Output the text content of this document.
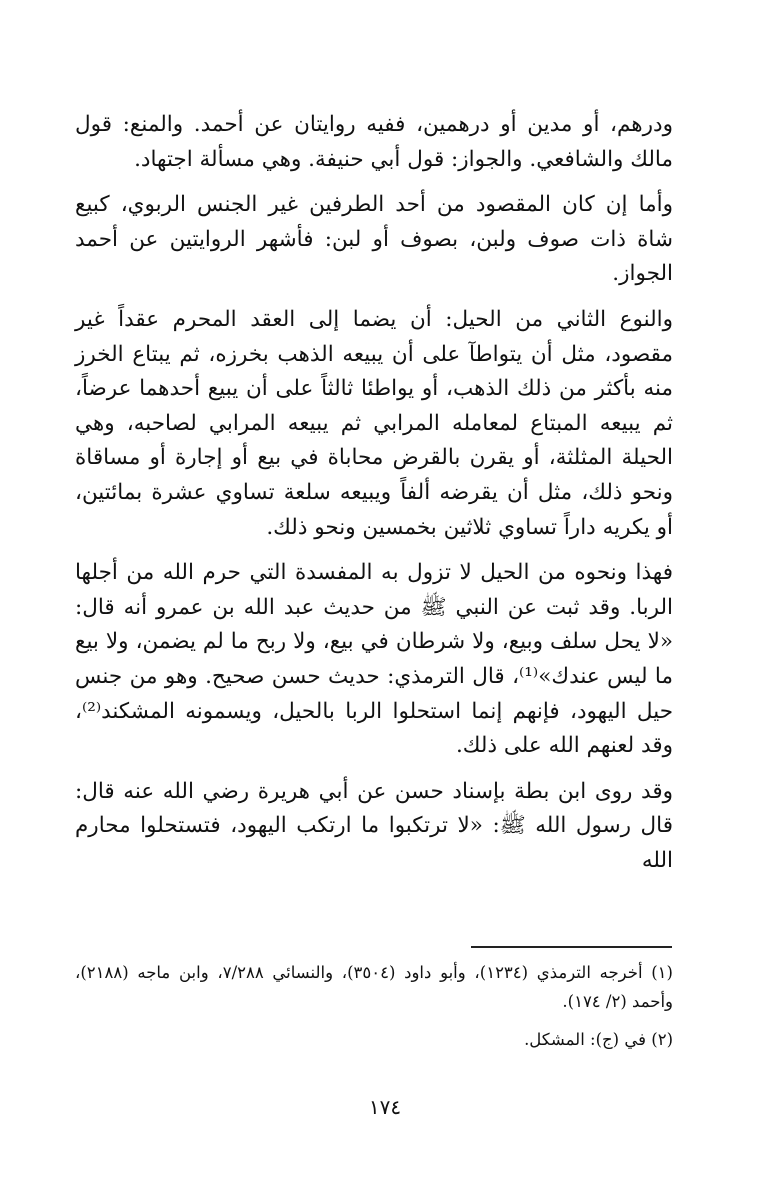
ودرهم، أو مدين أو درهمين، ففيه روايتان عن أحمد. والمنع: قول مالك والشافعي. والجواز: قول أبي حنيفة. وهي مسألة اجتهاد.

وأما إن كان المقصود من أحد الطرفين غير الجنس الربوي، كبيع شاة ذات صوف ولبن، بصوف أو لبن: فأشهر الروايتين عن أحمد الجواز.

والنوع الثاني من الحيل: أن يضما إلى العقد المحرم عقداً غير مقصود، مثل أن يتواطآ على أن يبيعه الذهب بخرزه، ثم يبتاع الخرز منه بأكثر من ذلك الذهب، أو يواطئا ثالثاً على أن يبيع أحدهما عرضاً، ثم يبيعه المبتاع لمعامله المرابي ثم يبيعه المرابي لصاحبه، وهي الحيلة المثلثة، أو يقرن بالقرض محاباة في بيع أو إجارة أو مساقاة ونحو ذلك، مثل أن يقرضه ألفاً ويبيعه سلعة تساوي عشرة بمائتين، أو يكريه داراً تساوي ثلاثين بخمسين ونحو ذلك.

فهذا ونحوه من الحيل لا تزول به المفسدة التي حرم الله من أجلها الربا. وقد ثبت عن النبي ﷺ من حديث عبد الله بن عمرو أنه قال: «لا يحل سلف وبيع، ولا شرطان في بيع، ولا ربح ما لم يضمن، ولا بيع ما ليس عندك»⁽¹⁾، قال الترمذي: حديث حسن صحيح. وهو من جنس حيل اليهود، فإنهم إنما استحلوا الربا بالحيل، ويسمونه المشكند⁽²⁾، وقد لعنهم الله على ذلك.

وقد روى ابن بطة بإسناد حسن عن أبي هريرة رضي الله عنه قال: قال رسول الله ﷺ: «لا ترتكبوا ما ارتكب اليهود، فتستحلوا محارم الله

(١) أخرجه الترمذي (١٢٣٤)، وأبو داود (٣٥٠٤)، والنسائي ٧/٢٨٨، وابن ماجه (٢١٨٨)، وأحمد (٢/ ١٧٤).

(٢) في (ج): المشكل.

١٧٤
